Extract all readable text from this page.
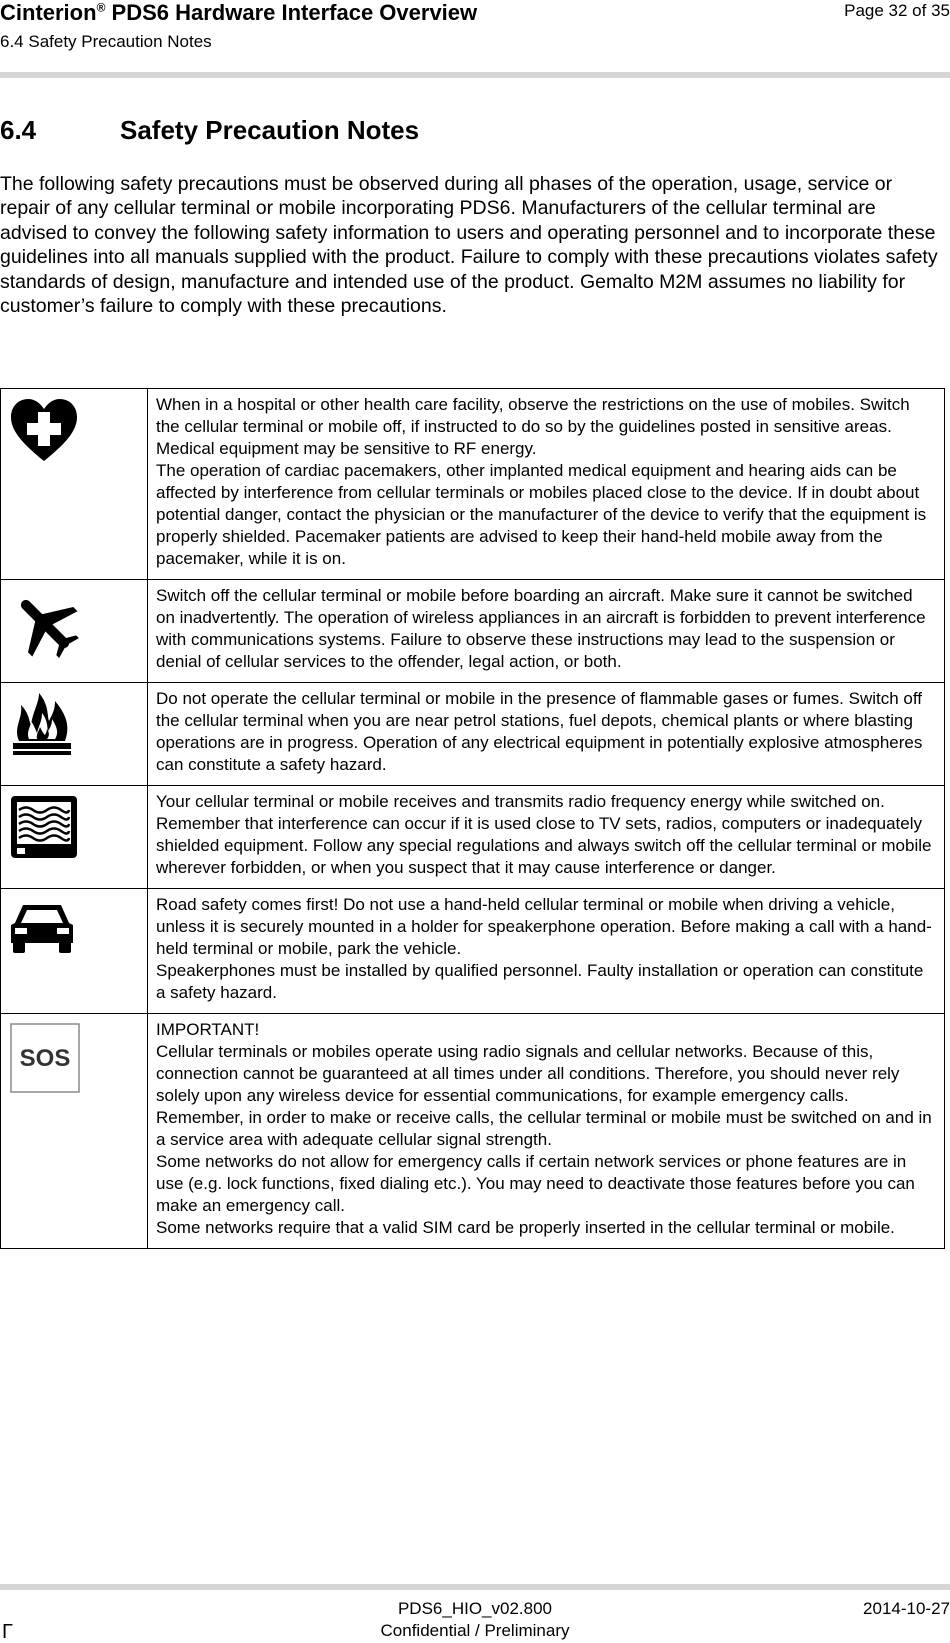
Cinterion® PDS6 Hardware Interface Overview
6.4 Safety Precaution Notes
Page 32 of 35
6.4	Safety Precaution Notes

The following safety precautions must be observed during all phases of the operation, usage, service or repair of any cellular terminal or mobile incorporating PDS6. Manufacturers of the cellular terminal are advised to convey the following safety information to users and operating personnel and to incorporate these guidelines into all manuals supplied with the product. Failure to comply with these precautions violates safety standards of design, manufacture and intended use of the product. Gemalto M2M assumes no liability for customer’s failure to comply with these precautions.

When in a hospital or other health care facility, observe the restrictions on the use of mobiles. Switch the cellular terminal or mobile off, if instructed to do so by the guidelines posted in sensitive areas. Medical equipment may be sensitive to RF energy.
The operation of cardiac pacemakers, other implanted medical equipment and hearing aids can be affected by interference from cellular terminals or mobiles placed close to the device. If in doubt about potential danger, contact the physician or the manufacturer of the device to verify that the equipment is properly shielded. Pacemaker patients are advised to keep their hand-held mobile away from the pacemaker, while it is on.

Switch off the cellular terminal or mobile before boarding an aircraft. Make sure it cannot be switched on inadvertently. The operation of wireless appliances in an aircraft is forbidden to prevent interference with communications systems. Failure to observe these instructions may lead to the suspension or denial of cellular services to the offender, legal action, or both.

Do not operate the cellular terminal or mobile in the presence of flammable gases or fumes. Switch off the cellular terminal when you are near petrol stations, fuel depots, chemical plants or where blasting operations are in progress. Operation of any electrical equipment in potentially explosive atmospheres can constitute a safety hazard.

Your cellular terminal or mobile receives and transmits radio frequency energy while switched on. Remember that interference can occur if it is used close to TV sets, radios, computers or inadequately shielded equipment. Follow any special regulations and always switch off the cellular terminal or mobile wherever forbidden, or when you suspect that it may cause interference or danger.

Road safety comes first! Do not use a hand-held cellular terminal or mobile when driving a vehicle, unless it is securely mounted in a holder for speakerphone operation. Before making a call with a hand-held terminal or mobile, park the vehicle.
Speakerphones must be installed by qualified personnel. Faulty installation or operation can constitute a safety hazard.

SOS	IMPORTANT!
Cellular terminals or mobiles operate using radio signals and cellular networks. Because of this, connection cannot be guaranteed at all times under all conditions. Therefore, you should never rely solely upon any wireless device for essential communications, for example emergency calls.
Remember, in order to make or receive calls, the cellular terminal or mobile must be switched on and in a service area with adequate cellular signal strength.
Some networks do not allow for emergency calls if certain network services or phone features are in use (e.g. lock functions, fixed dialing etc.). You may need to deactivate those features before you can make an emergency call.
Some networks require that a valid SIM card be properly inserted in the cellular terminal or mobile.
Γ
PDS6_HIO_v02.800
Confidential / Preliminary
2014-10-27
